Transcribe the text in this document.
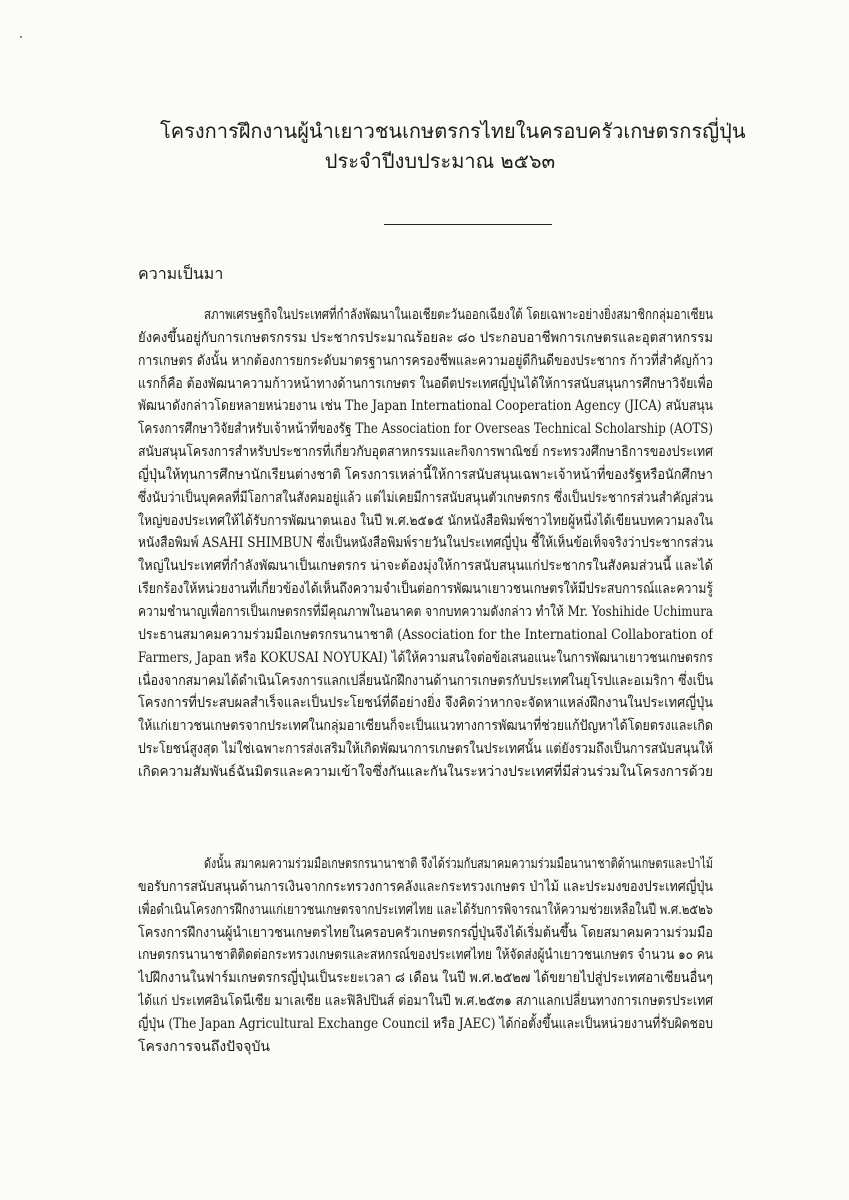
โครงการฝึกงานผู้นำเยาวชนเกษตรกรไทยในครอบครัวเกษตรกรญี่ปุ่น
ประจำปีงบประมาณ ๒๕๖๓
ความเป็นมา
สภาพเศรษฐกิจในประเทศที่กำลังพัฒนาในเอเชียตะวันออกเฉียงใต้ โดยเฉพาะอย่างยิ่งสมาชิกกลุ่มอาเซียน
ยังคงขึ้นอยู่กับการเกษตรกรรม ประชากรประมาณร้อยละ ๘๐ ประกอบอาชีพการเกษตรและอุตสาหกรรม
การเกษตร ดังนั้น หากต้องการยกระดับมาตรฐานการครองชีพและความอยู่ดีกินดีของประชากร ก้าวที่สำคัญก้าว
แรกก็คือ ต้องพัฒนาความก้าวหน้าทางด้านการเกษตร ในอดีตประเทศญี่ปุ่นได้ให้การสนับสนุนการศึกษาวิจัยเพื่อ
พัฒนาดังกล่าวโดยหลายหน่วยงาน เช่น The Japan International Cooperation Agency (JICA) สนับสนุน
โครงการศึกษาวิจัยสำหรับเจ้าหน้าที่ของรัฐ The Association for Overseas Technical Scholarship (AOTS)
สนับสนุนโครงการสำหรับประชากรที่เกี่ยวกับอุตสาหกรรมและกิจการพาณิชย์ กระทรวงศึกษาธิการของประเทศ
ญี่ปุ่นให้ทุนการศึกษานักเรียนต่างชาติ โครงการเหล่านี้ให้การสนับสนุนเฉพาะเจ้าหน้าที่ของรัฐหรือนักศึกษา
ซึ่งนับว่าเป็นบุคคลที่มีโอกาสในสังคมอยู่แล้ว แต่ไม่เคยมีการสนับสนุนตัวเกษตรกร ซึ่งเป็นประชากรส่วนสำคัญส่วน
ใหญ่ของประเทศให้ได้รับการพัฒนาตนเอง ในปี พ.ศ.๒๕๑๕ นักหนังสือพิมพ์ชาวไทยผู้หนึ่งได้เขียนบทความลงใน
หนังสือพิมพ์ ASAHI SHIMBUN ซึ่งเป็นหนังสือพิมพ์รายวันในประเทศญี่ปุ่น ชี้ให้เห็นข้อเท็จจริงว่าประชากรส่วน
ใหญ่ในประเทศที่กำลังพัฒนาเป็นเกษตรกร น่าจะต้องมุ่งให้การสนับสนุนแก่ประชากรในสังคมส่วนนี้ และได้
เรียกร้องให้หน่วยงานที่เกี่ยวข้องได้เห็นถึงความจำเป็นต่อการพัฒนาเยาวชนเกษตรให้มีประสบการณ์และความรู้
ความชำนาญเพื่อการเป็นเกษตรกรที่มีคุณภาพในอนาคต จากบทความดังกล่าว ทำให้ Mr. Yoshihide Uchimura
ประธานสมาคมความร่วมมือเกษตรกรนานาชาติ (Association for the International Collaboration of
Farmers, Japan หรือ KOKUSAI NOYUKAI) ได้ให้ความสนใจต่อข้อเสนอแนะในการพัฒนาเยาวชนเกษตรกร
เนื่องจากสมาคมได้ดำเนินโครงการแลกเปลี่ยนนักฝึกงานด้านการเกษตรกับประเทศในยุโรปและอเมริกา ซึ่งเป็น
โครงการที่ประสบผลสำเร็จและเป็นประโยชน์ที่ดีอย่างยิ่ง จึงคิดว่าหากจะจัดหาแหล่งฝึกงานในประเทศญี่ปุ่น
ให้แก่เยาวชนเกษตรจากประเทศในกลุ่มอาเซียนก็จะเป็นแนวทางการพัฒนาที่ช่วยแก้ปัญหาได้โดยตรงและเกิด
ประโยชน์สูงสุด ไม่ใช่เฉพาะการส่งเสริมให้เกิดพัฒนาการเกษตรในประเทศนั้น แต่ยังรวมถึงเป็นการสนับสนุนให้
เกิดความสัมพันธ์ฉันมิตรและความเข้าใจซึ่งกันและกันในระหว่างประเทศที่มีส่วนร่วมในโครงการด้วย
ดังนั้น สมาคมความร่วมมือเกษตรกรนานาชาติ จึงได้ร่วมกับสมาคมความร่วมมือนานาชาติด้านเกษตรและป่าไม้
ขอรับการสนับสนุนด้านการเงินจากกระทรวงการคลังและกระทรวงเกษตร ป่าไม้ และประมงของประเทศญี่ปุ่น
เพื่อดำเนินโครงการฝึกงานแก่เยาวชนเกษตรจากประเทศไทย และได้รับการพิจารณาให้ความช่วยเหลือในปี พ.ศ.๒๕๒๖
โครงการฝึกงานผู้นำเยาวชนเกษตรไทยในครอบครัวเกษตรกรญี่ปุ่นจึงได้เริ่มต้นขึ้น โดยสมาคมความร่วมมือ
เกษตรกรนานาชาติติดต่อกระทรวงเกษตรและสหกรณ์ของประเทศไทย ให้จัดส่งผู้นำเยาวชนเกษตร จำนวน ๑๐ คน
ไปฝึกงานในฟาร์มเกษตรกรญี่ปุ่นเป็นระยะเวลา ๘ เดือน ในปี พ.ศ.๒๕๒๗ ได้ขยายไปสู่ประเทศอาเซียนอื่นๆ
ได้แก่ ประเทศอินโดนีเซีย มาเลเซีย และฟิลิปปินส์ ต่อมาในปี พ.ศ.๒๕๓๑ สภาแลกเปลี่ยนทางการเกษตรประเทศ
ญี่ปุ่น (The Japan Agricultural Exchange Council หรือ JAEC) ได้ก่อตั้งขึ้นและเป็นหน่วยงานที่รับผิดชอบ
โครงการจนถึงปัจจุบัน
